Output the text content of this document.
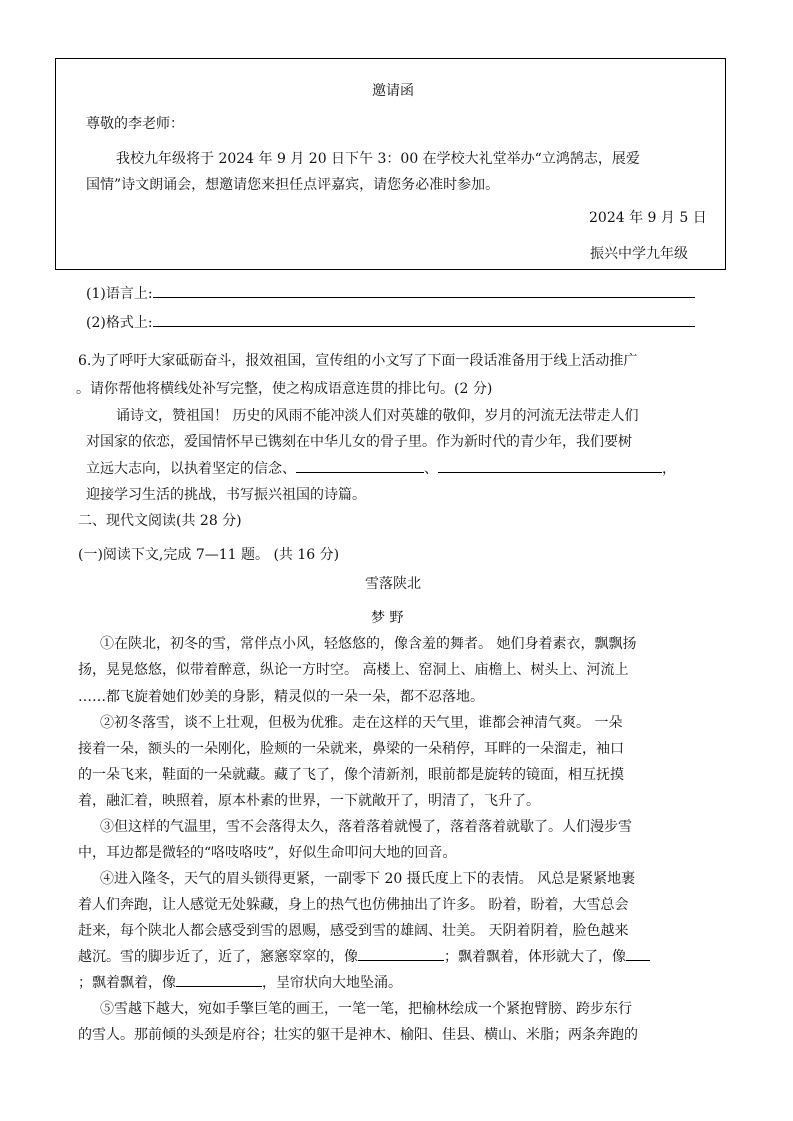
邀请函
尊敬的李老师：
我校九年级将于 2024 年 9 月 20 日下午 3：00 在学校大礼堂举办“立鸿鹄志，展爱
国情”诗文朗诵会，想邀请您来担任点评嘉宾，请您务必准时参加。
2024 年 9 月 5 日
振兴中学九年级
(1)语言上:
(2)格式上:
6.为了呼吁大家砥砺奋斗，报效祖国，宣传组的小文写了下面一段话准备用于线上活动推广
。请你帮他将横线处补写完整，使之构成语意连贯的排比句。(2 分)
诵诗文，赞祖国！ 历史的风雨不能冲淡人们对英雄的敬仰，岁月的河流无法带走人们
对国家的依恋，爱国情怀早已镌刻在中华儿女的骨子里。作为新时代的青少年，我们要树
立远大志向，以执着坚定的信念、	、	，
迎接学习生活的挑战，书写振兴祖国的诗篇。
二、现代文阅读(共 28 分)
(一)阅读下文,完成 7—11 题。 (共 16 分)
雪落陕北
梦 野
①在陕北，初冬的雪，常伴点小风，轻悠悠的，像含羞的舞者。 她们身着素衣，飘飘扬
扬，晃晃悠悠，似带着醉意，纵论一方时空。 高楼上、窑洞上、庙檐上、树头上、河流上
……都飞旋着她们妙美的身影，精灵似的一朵一朵，都不忍落地。
②初冬落雪，谈不上壮观，但极为优雅。走在这样的天气里，谁都会神清气爽。 一朵
接着一朵，额头的一朵刚化，脸颊的一朵就来，鼻梁的一朵稍停，耳畔的一朵溜走，袖口
的一朵飞来，鞋面的一朵就藏。藏了飞了，像个清新剂，眼前都是旋转的镜面，相互抚摸
着，融汇着，映照着，原本朴素的世界，一下就敞开了，明清了，飞升了。
③但这样的气温里，雪不会落得太久，落着落着就慢了，落着落着就歇了。人们漫步雪
中，耳边都是微轻的“咯吱咯吱”，好似生命叩问大地的回音。
④进入隆冬，天气的眉头锁得更紧，一副零下 20 摄氏度上下的表情。 风总是紧紧地裹
着人们奔跑，让人感觉无处躲藏，身上的热气也仿佛抽出了许多。 盼着，盼着，大雪总会
赶来，每个陕北人都会感受到雪的恩赐，感受到雪的雄阔、壮美。 天阴着阴着，脸色越来
越沉。雪的脚步近了，近了，窸窸窣窣的，像	；飘着飘着，体形就大了，像
；飘着飘着，像	，呈帘状向大地坠涌。
⑤雪越下越大，宛如手擎巨笔的画王，一笔一笔，把榆林绘成一个紧抱臂膀、跨步东行
的雪人。那前倾的头颈是府谷；壮实的躯干是神木、榆阳、佳县、横山、米脂；两条奔跑的
